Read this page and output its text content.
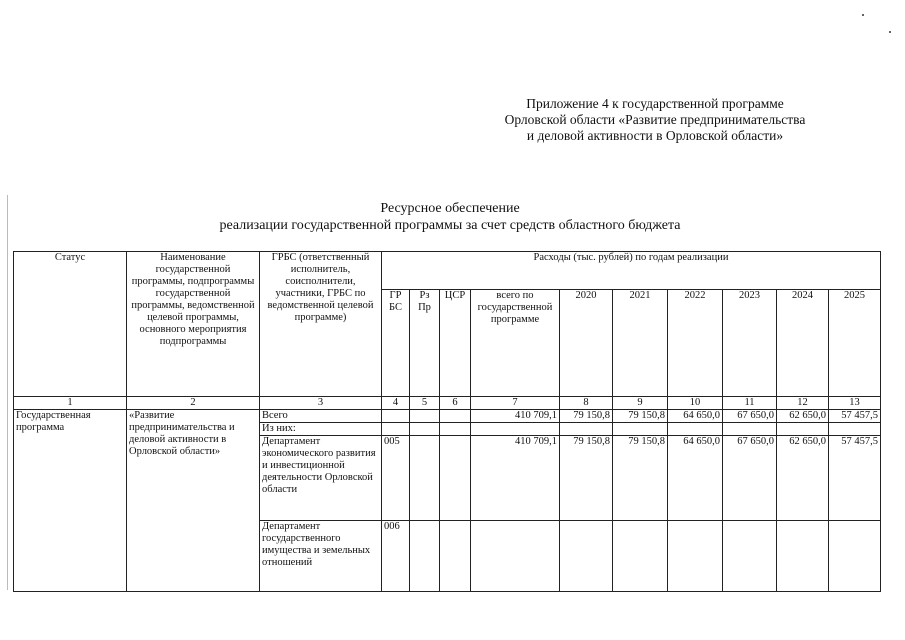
Приложение 4 к государственной программе
Орловской области «Развитие предпринимательства
и деловой активности в Орловской области»
Ресурсное обеспечение
реализации государственной программы за счет средств областного бюджета
Статус	Наименование государственной программы, подпрограммы государственной программы, ведомственной целевой программы, основного мероприятия подпрограммы	ГРБС (ответственный исполнитель, соисполнители, участники, ГРБС по ведомственной целевой программе)	Расходы (тыс. рублей) по годам реализации									
			ГР БС	Рз Пр	ЦСР	всего по государственной программе	2020	2021	2022	2023	2024	2025
1	2	3	4	5	6	7	8	9	10	11	12	13
Государственная программа	«Развитие предпринимательства и деловой активности в Орловской области»	Всего				410 709,1	79 150,8	79 150,8	64 650,0	67 650,0	62 650,0	57 457,5
		Из них:										
		Департамент экономического развития и инвестиционной деятельности Орловской области	005			410 709,1	79 150,8	79 150,8	64 650,0	67 650,0	62 650,0	57 457,5
		Департамент государственного имущества и земельных отношений	006									
